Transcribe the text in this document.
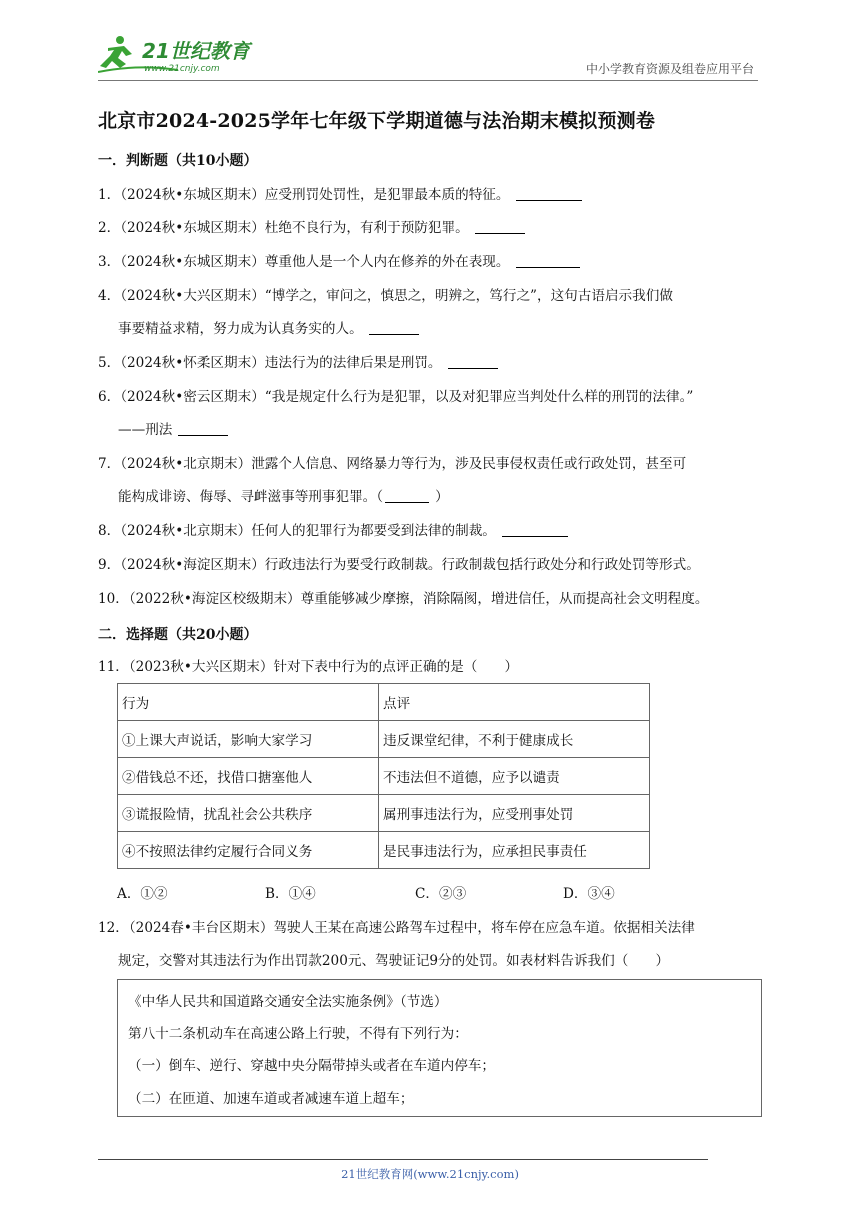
21世纪教育
www.21cnjy.com	中小学教育资源及组卷应用平台
北京市2024-2025学年七年级下学期道德与法治期末模拟预测卷
一．判断题（共10小题）
1．（2024秋•东城区期末）应受刑罚处罚性，是犯罪最本质的特征。
2．（2024秋•东城区期末）杜绝不良行为，有利于预防犯罪。
3．（2024秋•东城区期末）尊重他人是一个人内在修养的外在表现。
4．（2024秋•大兴区期末）“博学之，审问之，慎思之，明辨之，笃行之”，这句古语启示我们做
事要精益求精，努力成为认真务实的人。
5．（2024秋•怀柔区期末）违法行为的法律后果是刑罚。
6．（2024秋•密云区期末）“我是规定什么行为是犯罪，以及对犯罪应当判处什么样的刑罚的法律。”
——刑法
7．（2024秋•北京期末）泄露个人信息、网络暴力等行为，涉及民事侵权责任或行政处罚，甚至可
能构成诽谤、侮辱、寻衅滋事等刑事犯罪。（	）
8．（2024秋•北京期末）任何人的犯罪行为都要受到法律的制裁。
9．（2024秋•海淀区期末）行政违法行为要受行政制裁。行政制裁包括行政处分和行政处罚等形式。
10．（2022秋•海淀区校级期末）尊重能够减少摩擦，消除隔阂，增进信任，从而提高社会文明程度。
二．选择题（共20小题）
11．（2023秋•大兴区期末）针对下表中行为的点评正确的是（　　）
行为	点评
①上课大声说话，影响大家学习	违反课堂纪律，不利于健康成长
②借钱总不还，找借口搪塞他人	不违法但不道德，应予以谴责
③谎报险情，扰乱社会公共秩序	属刑事违法行为，应受刑事处罚
④不按照法律约定履行合同义务	是民事违法行为，应承担民事责任
A．①②	B．①④	C．②③	D．③④
12．（2024春•丰台区期末）驾驶人王某在高速公路驾车过程中，将车停在应急车道。依据相关法律
规定，交警对其违法行为作出罚款200元、驾驶证记9分的处罚。如表材料告诉我们（　　）
《中华人民共和国道路交通安全法实施条例》（节选）
第八十二条机动车在高速公路上行驶，不得有下列行为：
（一）倒车、逆行、穿越中央分隔带掉头或者在车道内停车；
（二）在匝道、加速车道或者减速车道上超车；
21世纪教育网(www.21cnjy.com)
